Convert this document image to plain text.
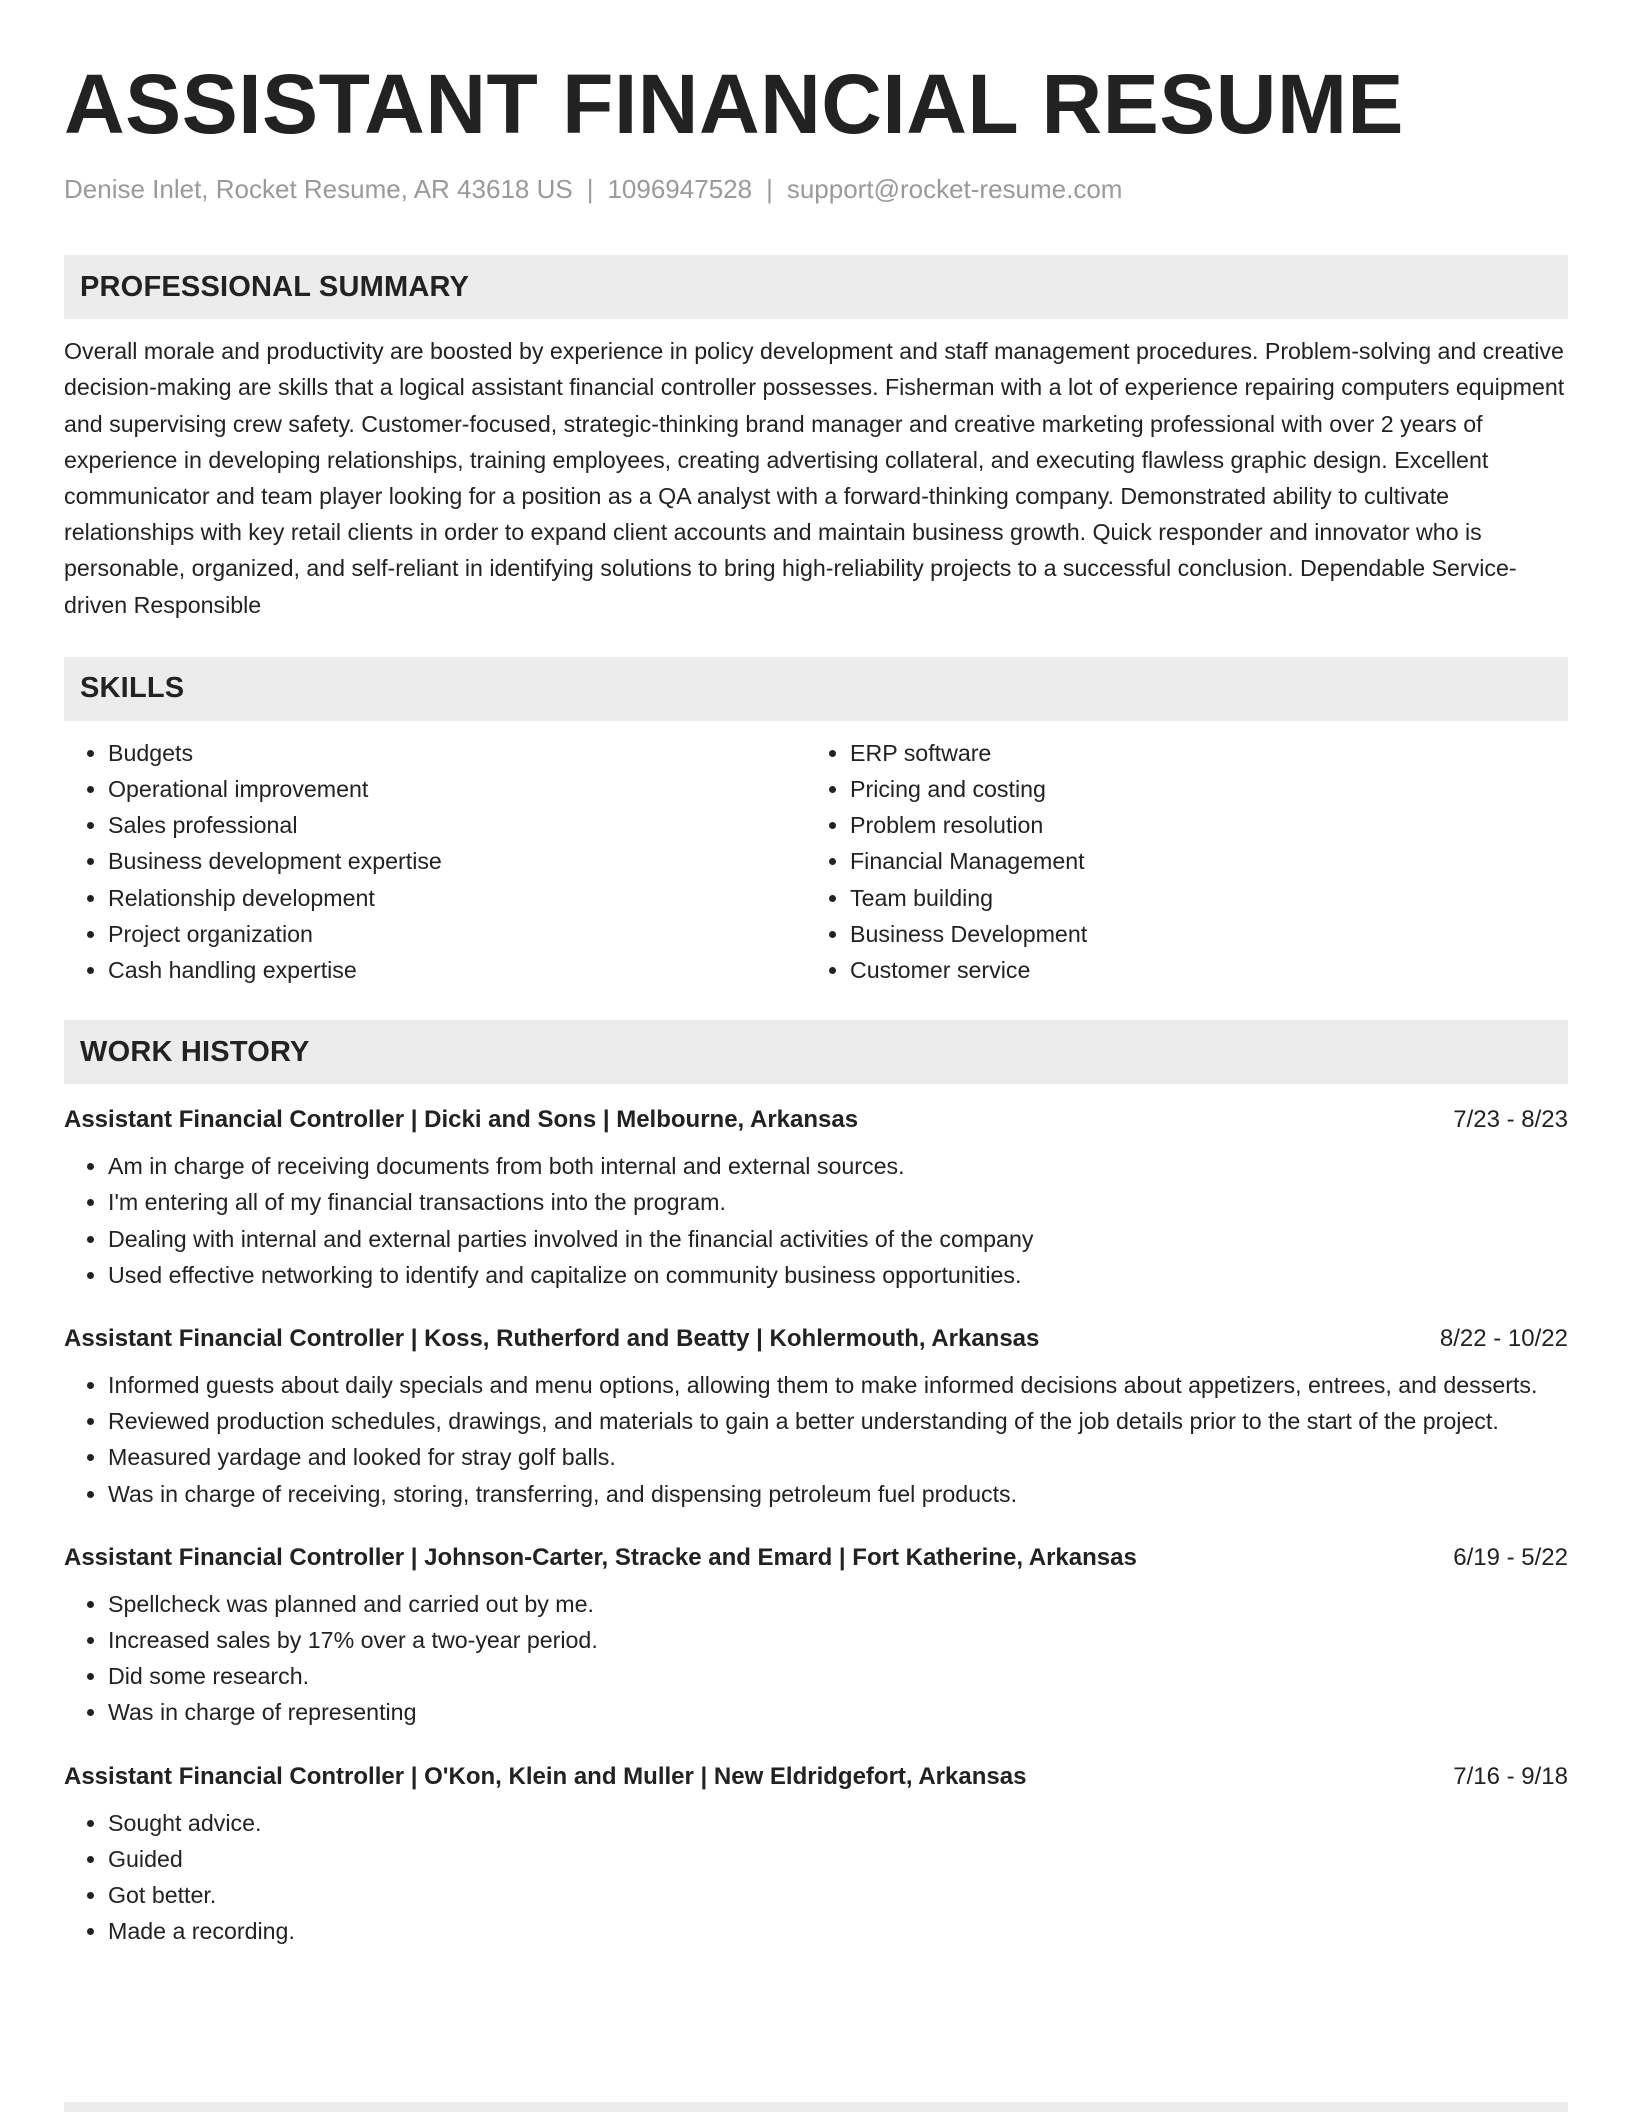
ASSISTANT FINANCIAL RESUME
Denise Inlet, Rocket Resume, AR 43618 US | 1096947528 | support@rocket-resume.com
PROFESSIONAL SUMMARY
Overall morale and productivity are boosted by experience in policy development and staff management procedures. Problem-solving and creative decision-making are skills that a logical assistant financial controller possesses. Fisherman with a lot of experience repairing computers equipment and supervising crew safety. Customer-focused, strategic-thinking brand manager and creative marketing professional with over 2 years of experience in developing relationships, training employees, creating advertising collateral, and executing flawless graphic design. Excellent communicator and team player looking for a position as a QA analyst with a forward-thinking company. Demonstrated ability to cultivate relationships with key retail clients in order to expand client accounts and maintain business growth. Quick responder and innovator who is personable, organized, and self-reliant in identifying solutions to bring high-reliability projects to a successful conclusion. Dependable Service-driven Responsible
SKILLS
• Budgets
• Operational improvement
• Sales professional
• Business development expertise
• Relationship development
• Project organization
• Cash handling expertise
• ERP software
• Pricing and costing
• Problem resolution
• Financial Management
• Team building
• Business Development
• Customer service
WORK HISTORY
Assistant Financial Controller | Dicki and Sons | Melbourne, Arkansas	7/23 - 8/23
• Am in charge of receiving documents from both internal and external sources.
• I'm entering all of my financial transactions into the program.
• Dealing with internal and external parties involved in the financial activities of the company
• Used effective networking to identify and capitalize on community business opportunities.
Assistant Financial Controller | Koss, Rutherford and Beatty | Kohlermouth, Arkansas	8/22 - 10/22
• Informed guests about daily specials and menu options, allowing them to make informed decisions about appetizers, entrees, and desserts.
• Reviewed production schedules, drawings, and materials to gain a better understanding of the job details prior to the start of the project.
• Measured yardage and looked for stray golf balls.
• Was in charge of receiving, storing, transferring, and dispensing petroleum fuel products.
Assistant Financial Controller | Johnson-Carter, Stracke and Emard | Fort Katherine, Arkansas	6/19 - 5/22
• Spellcheck was planned and carried out by me.
• Increased sales by 17% over a two-year period.
• Did some research.
• Was in charge of representing
Assistant Financial Controller | O'Kon, Klein and Muller | New Eldridgefort, Arkansas	7/16 - 9/18
• Sought advice.
• Guided
• Got better.
• Made a recording.
